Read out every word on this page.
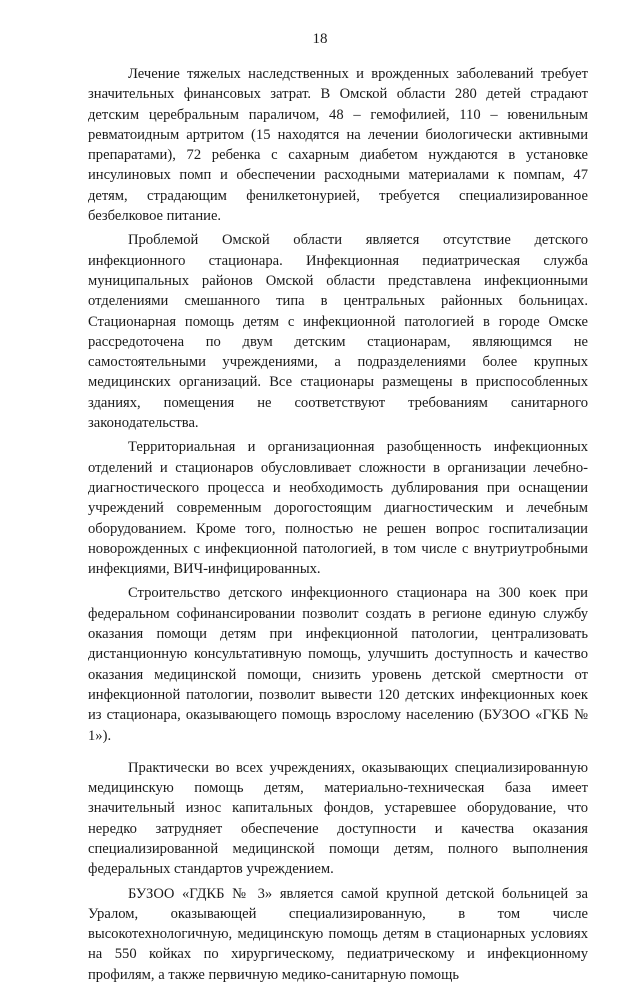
18

Лечение тяжелых наследственных и врожденных заболеваний требует значительных финансовых затрат. В Омской области 280 детей страдают детским церебральным параличом, 48 – гемофилией, 110 – ювенильным ревматоидным артритом (15 находятся на лечении биологически активными препаратами), 72 ребенка с сахарным диабетом нуждаются в установке инсулиновых помп и обеспечении расходными материалами к помпам, 47 детям, страдающим фенилкетонурией, требуется специализированное безбелковое питание.

Проблемой Омской области является отсутствие детского инфекционного стационара. Инфекционная педиатрическая служба муниципальных районов Омской области представлена инфекционными отделениями смешанного типа в центральных районных больницах. Стационарная помощь детям с инфекционной патологией в городе Омске рассредоточена по двум детским стационарам, являющимся не самостоятельными учреждениями, а подразделениями более крупных медицинских организаций. Все стационары размещены в приспособленных зданиях, помещения не соответствуют требованиям санитарного законодательства.

Территориальная и организационная разобщенность инфекционных отделений и стационаров обусловливает сложности в организации лечебно-диагностического процесса и необходимость дублирования при оснащении учреждений современным дорогостоящим диагностическим и лечебным оборудованием. Кроме того, полностью не решен вопрос госпитализации новорожденных с инфекционной патологией, в том числе с внутриутробными инфекциями, ВИЧ-инфицированных.

Строительство детского инфекционного стационара на 300 коек при федеральном софинансировании позволит создать в регионе единую службу оказания помощи детям при инфекционной патологии, централизовать дистанционную консультативную помощь, улучшить доступность и качество оказания медицинской помощи, снизить уровень детской смертности от инфекционной патологии, позволит вывести 120 детских инфекционных коек из стационара, оказывающего помощь взрослому населению (БУЗОО «ГКБ № 1»).

Практически во всех учреждениях, оказывающих специализированную медицинскую помощь детям, материально-техническая база имеет значительный износ капитальных фондов, устаревшее оборудование, что нередко затрудняет обеспечение доступности и качества оказания специализированной медицинской помощи детям, полного выполнения федеральных стандартов учреждением.

БУЗОО «ГДКБ № 3» является самой крупной детской больницей за Уралом, оказывающей специализированную, в том числе высокотехнологичную, медицинскую помощь детям в стационарных условиях на 550 койках по хирургическому, педиатрическому и инфекционному профилям, а также первичную медико-санитарную помощь
